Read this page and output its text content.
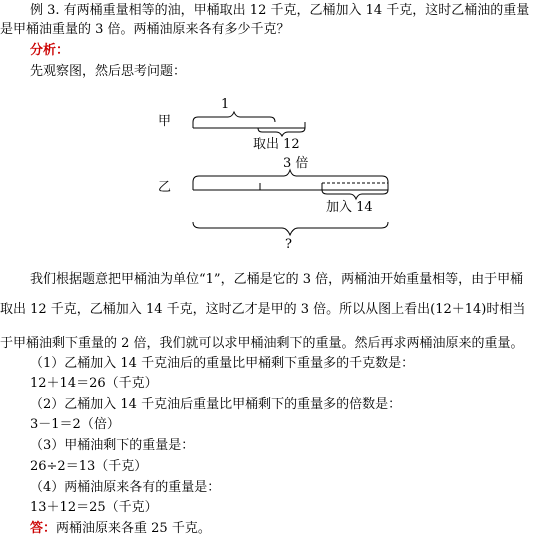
例 3. 有两桶重量相等的油，甲桶取出 12 千克，乙桶加入 14 千克，这时乙桶油的重量
是甲桶油重量的 3 倍。两桶油原来各有多少千克？
分析：
先观察图，然后思考问题：
甲
1
取出 12
乙
3 倍
加入 14
?
我们根据题意把甲桶油为单位“1”，乙桶是它的 3 倍，两桶油开始重量相等，由于甲桶
取出 12 千克，乙桶加入 14 千克，这时乙才是甲的 3 倍。所以从图上看出(12＋14)时相当
于甲桶油剩下重量的 2 倍，我们就可以求甲桶油剩下的重量。然后再求两桶油原来的重量。
（1）乙桶加入 14 千克油后的重量比甲桶剩下重量多的千克数是：
12＋14＝26（千克）
（2）乙桶加入 14 千克油后重量比甲桶剩下的重量多的倍数是：
3－1＝2（倍）
（3）甲桶油剩下的重量是：
26÷2＝13（千克）
（4）两桶油原来各有的重量是：
13＋12＝25（千克）
答：两桶油原来各重 25 千克。
